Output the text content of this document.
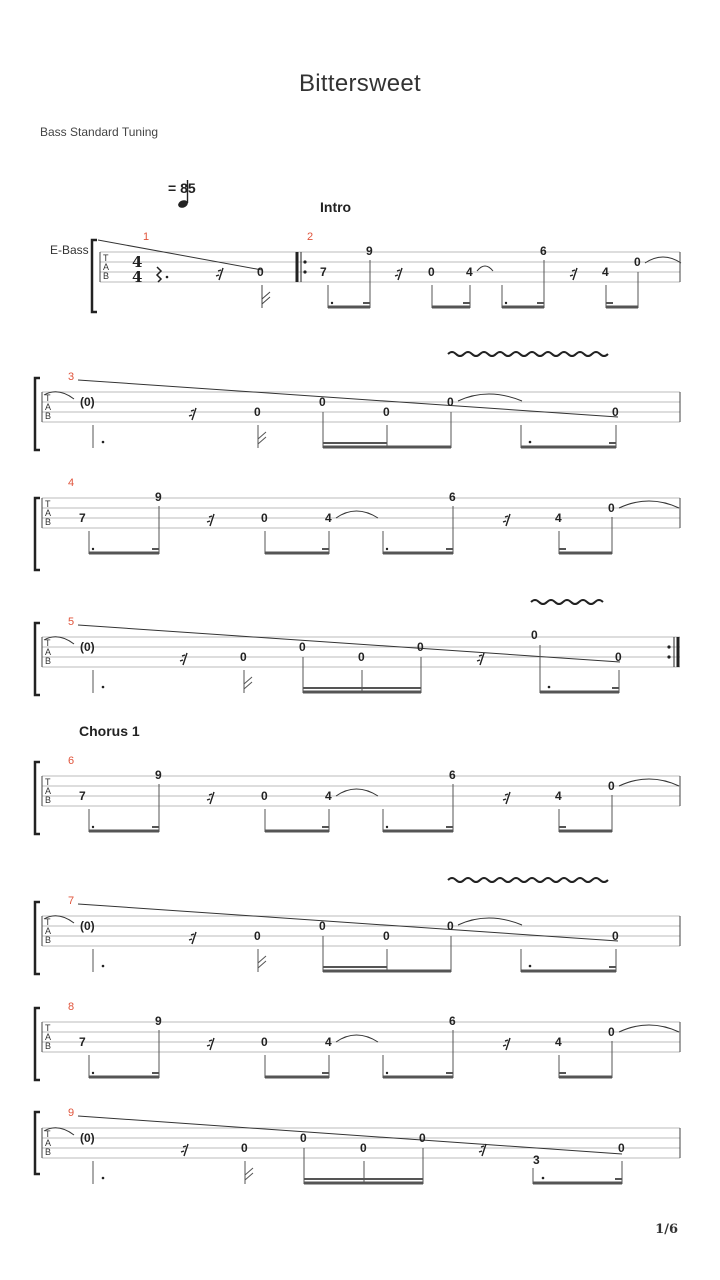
Bittersweet
Bass Standard Tuning
= 85
Intro
Chorus 1
E-Bass
T
A
B
4
4
1
0
2
7
9
0	4
6
4
0
T
A
B
3
(0)
0
0
0
0
0
T
A
B
4
7
9
0	4
6
4
0
T
A
B
5
(0)
0
0
0
0
0
0
T
A
B
6
7
9
0	4
6
4
0
T
A
B
7
(0)
0
0
0
0
0
T
A
B
8
7
9
0	4
6
4
0
T
A
B
9
(0)
0
0
0
0
3
0
1/6
